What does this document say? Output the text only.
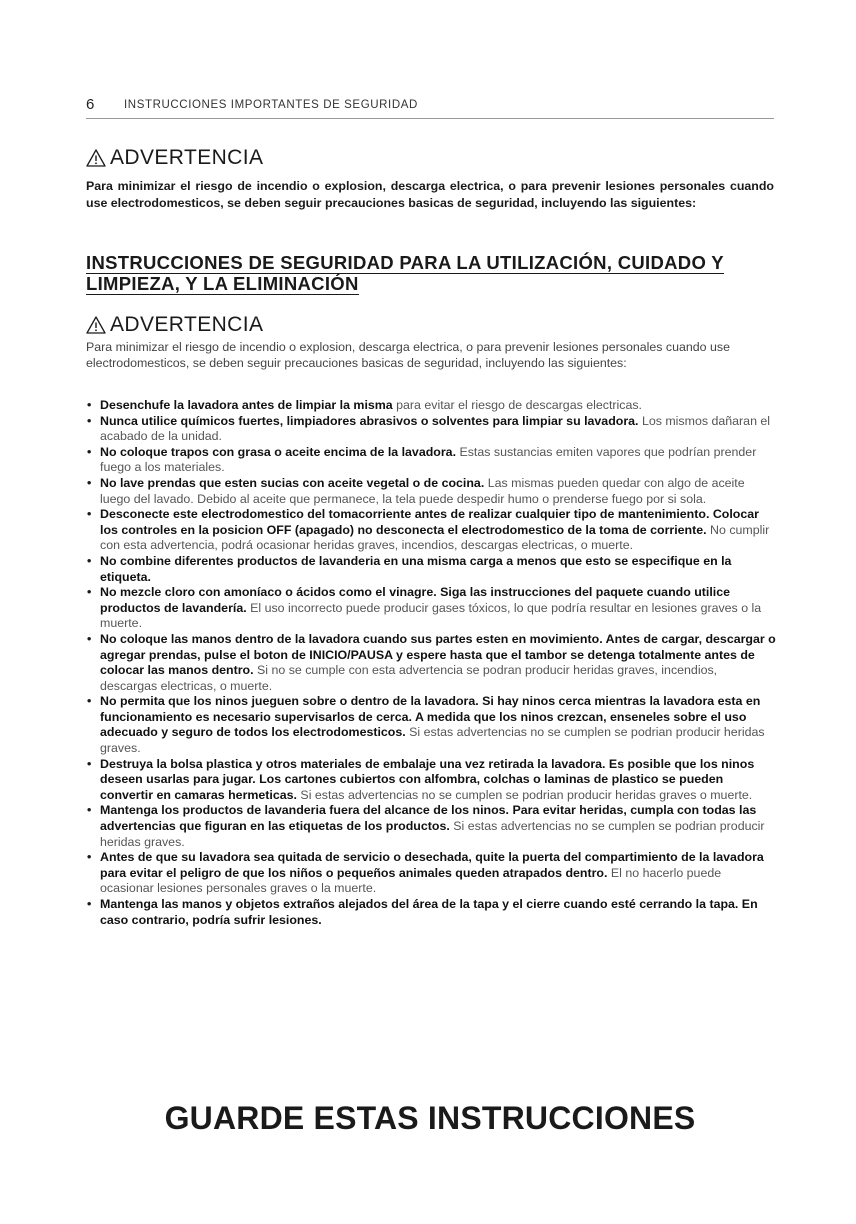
6	INSTRUCCIONES IMPORTANTES DE SEGURIDAD
ADVERTENCIA
Para minimizar el riesgo de incendio o explosion, descarga electrica, o para prevenir lesiones personales cuando use electrodomesticos, se deben seguir precauciones basicas de seguridad, incluyendo las siguientes:
INSTRUCCIONES DE SEGURIDAD PARA LA UTILIZACIÓN, CUIDADO Y LIMPIEZA, Y LA ELIMINACIÓN
ADVERTENCIA
Para minimizar el riesgo de incendio o explosion, descarga electrica, o para prevenir lesiones personales cuando use electrodomesticos, se deben seguir precauciones basicas de seguridad, incluyendo las siguientes:
• Desenchufe la lavadora antes de limpiar la misma para evitar el riesgo de descargas electricas.
• Nunca utilice químicos fuertes, limpiadores abrasivos o solventes para limpiar su lavadora. Los mismos dañaran el acabado de la unidad.
• No coloque trapos con grasa o aceite encima de la lavadora. Estas sustancias emiten vapores que podrían prender fuego a los materiales.
• No lave prendas que esten sucias con aceite vegetal o de cocina. Las mismas pueden quedar con algo de aceite luego del lavado. Debido al aceite que permanece, la tela puede despedir humo o prenderse fuego por si sola.
• Desconecte este electrodomestico del tomacorriente antes de realizar cualquier tipo de mantenimiento. Colocar los controles en la posicion OFF (apagado) no desconecta el electrodomestico de la toma de corriente. No cumplir con esta advertencia, podrá ocasionar heridas graves, incendios, descargas electricas, o muerte.
• No combine diferentes productos de lavanderia en una misma carga a menos que esto se especifique en la etiqueta.
• No mezcle cloro con amoníaco o ácidos como el vinagre. Siga las instrucciones del paquete cuando utilice productos de lavandería. El uso incorrecto puede producir gases tóxicos, lo que podría resultar en lesiones graves o la muerte.
• No coloque las manos dentro de la lavadora cuando sus partes esten en movimiento. Antes de cargar, descargar o agregar prendas, pulse el boton de INICIO/PAUSA y espere hasta que el tambor se detenga totalmente antes de colocar las manos dentro. Si no se cumple con esta advertencia se podran producir heridas graves, incendios, descargas electricas, o muerte.
• No permita que los ninos jueguen sobre o dentro de la lavadora. Si hay ninos cerca mientras la lavadora esta en funcionamiento es necesario supervisarlos de cerca. A medida que los ninos crezcan, enseneles sobre el uso adecuado y seguro de todos los electrodomesticos. Si estas advertencias no se cumplen se podrian producir heridas graves.
• Destruya la bolsa plastica y otros materiales de embalaje una vez retirada la lavadora. Es posible que los ninos deseen usarlas para jugar. Los cartones cubiertos con alfombra, colchas o laminas de plastico se pueden convertir en camaras hermeticas. Si estas advertencias no se cumplen se podrian producir heridas graves o muerte.
• Mantenga los productos de lavanderia fuera del alcance de los ninos. Para evitar heridas, cumpla con todas las advertencias que figuran en las etiquetas de los productos. Si estas advertencias no se cumplen se podrian producir heridas graves.
• Antes de que su lavadora sea quitada de servicio o desechada, quite la puerta del compartimiento de la lavadora para evitar el peligro de que los niños o pequeños animales queden atrapados dentro. El no hacerlo puede ocasionar lesiones personales graves o la muerte.
• Mantenga las manos y objetos extraños alejados del área de la tapa y el cierre cuando esté cerrando la tapa. En caso contrario, podría sufrir lesiones.
GUARDE ESTAS INSTRUCCIONES
